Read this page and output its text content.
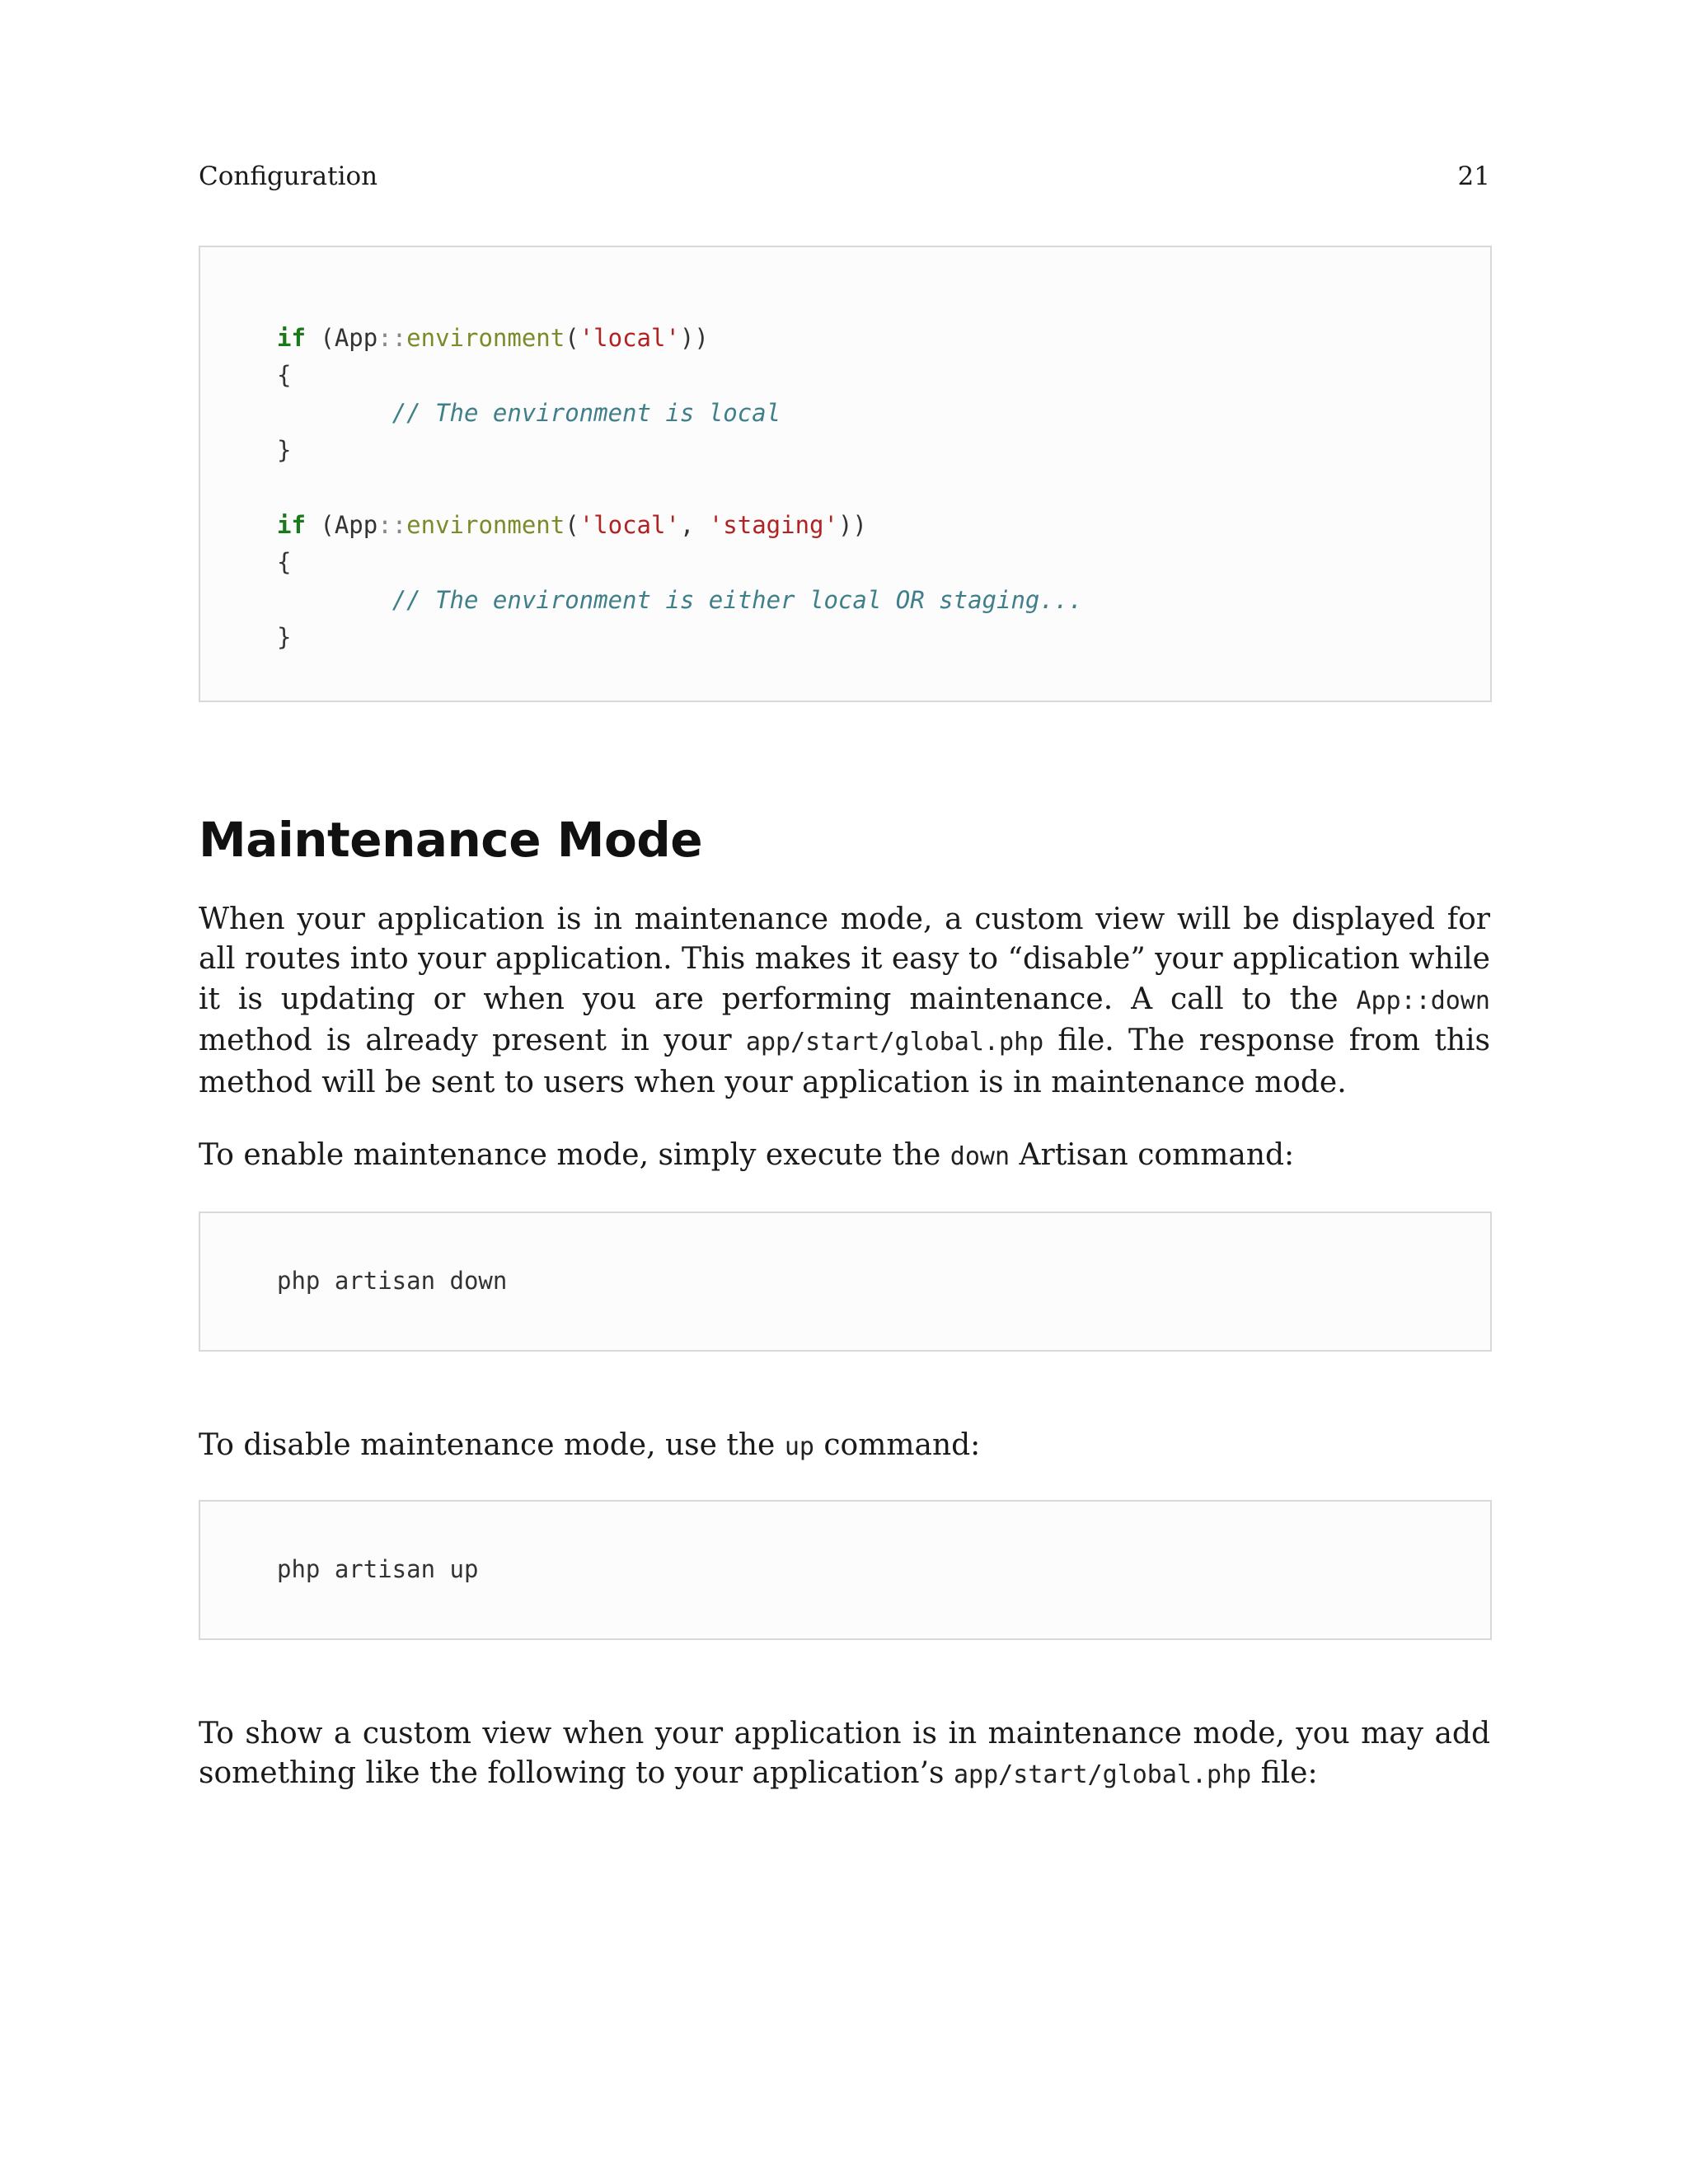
Configuration	21
if (App::environment('local'))
{
// The environment is local
}

if (App::environment('local', 'staging'))
{
// The environment is either local OR staging...
}
Maintenance Mode

When your application is in maintenance mode, a custom view will be displayed for all routes into your application. This makes it easy to “disable” your application while it is updating or when you are performing maintenance. A call to the App::down method is already present in your app/start/global.php file. The response from this method will be sent to users when your application is in maintenance mode.

To enable maintenance mode, simply execute the down Artisan command:

php artisan down

To disable maintenance mode, use the up command:

php artisan up

To show a custom view when your application is in maintenance mode, you may add something like the following to your application’s app/start/global.php file:
